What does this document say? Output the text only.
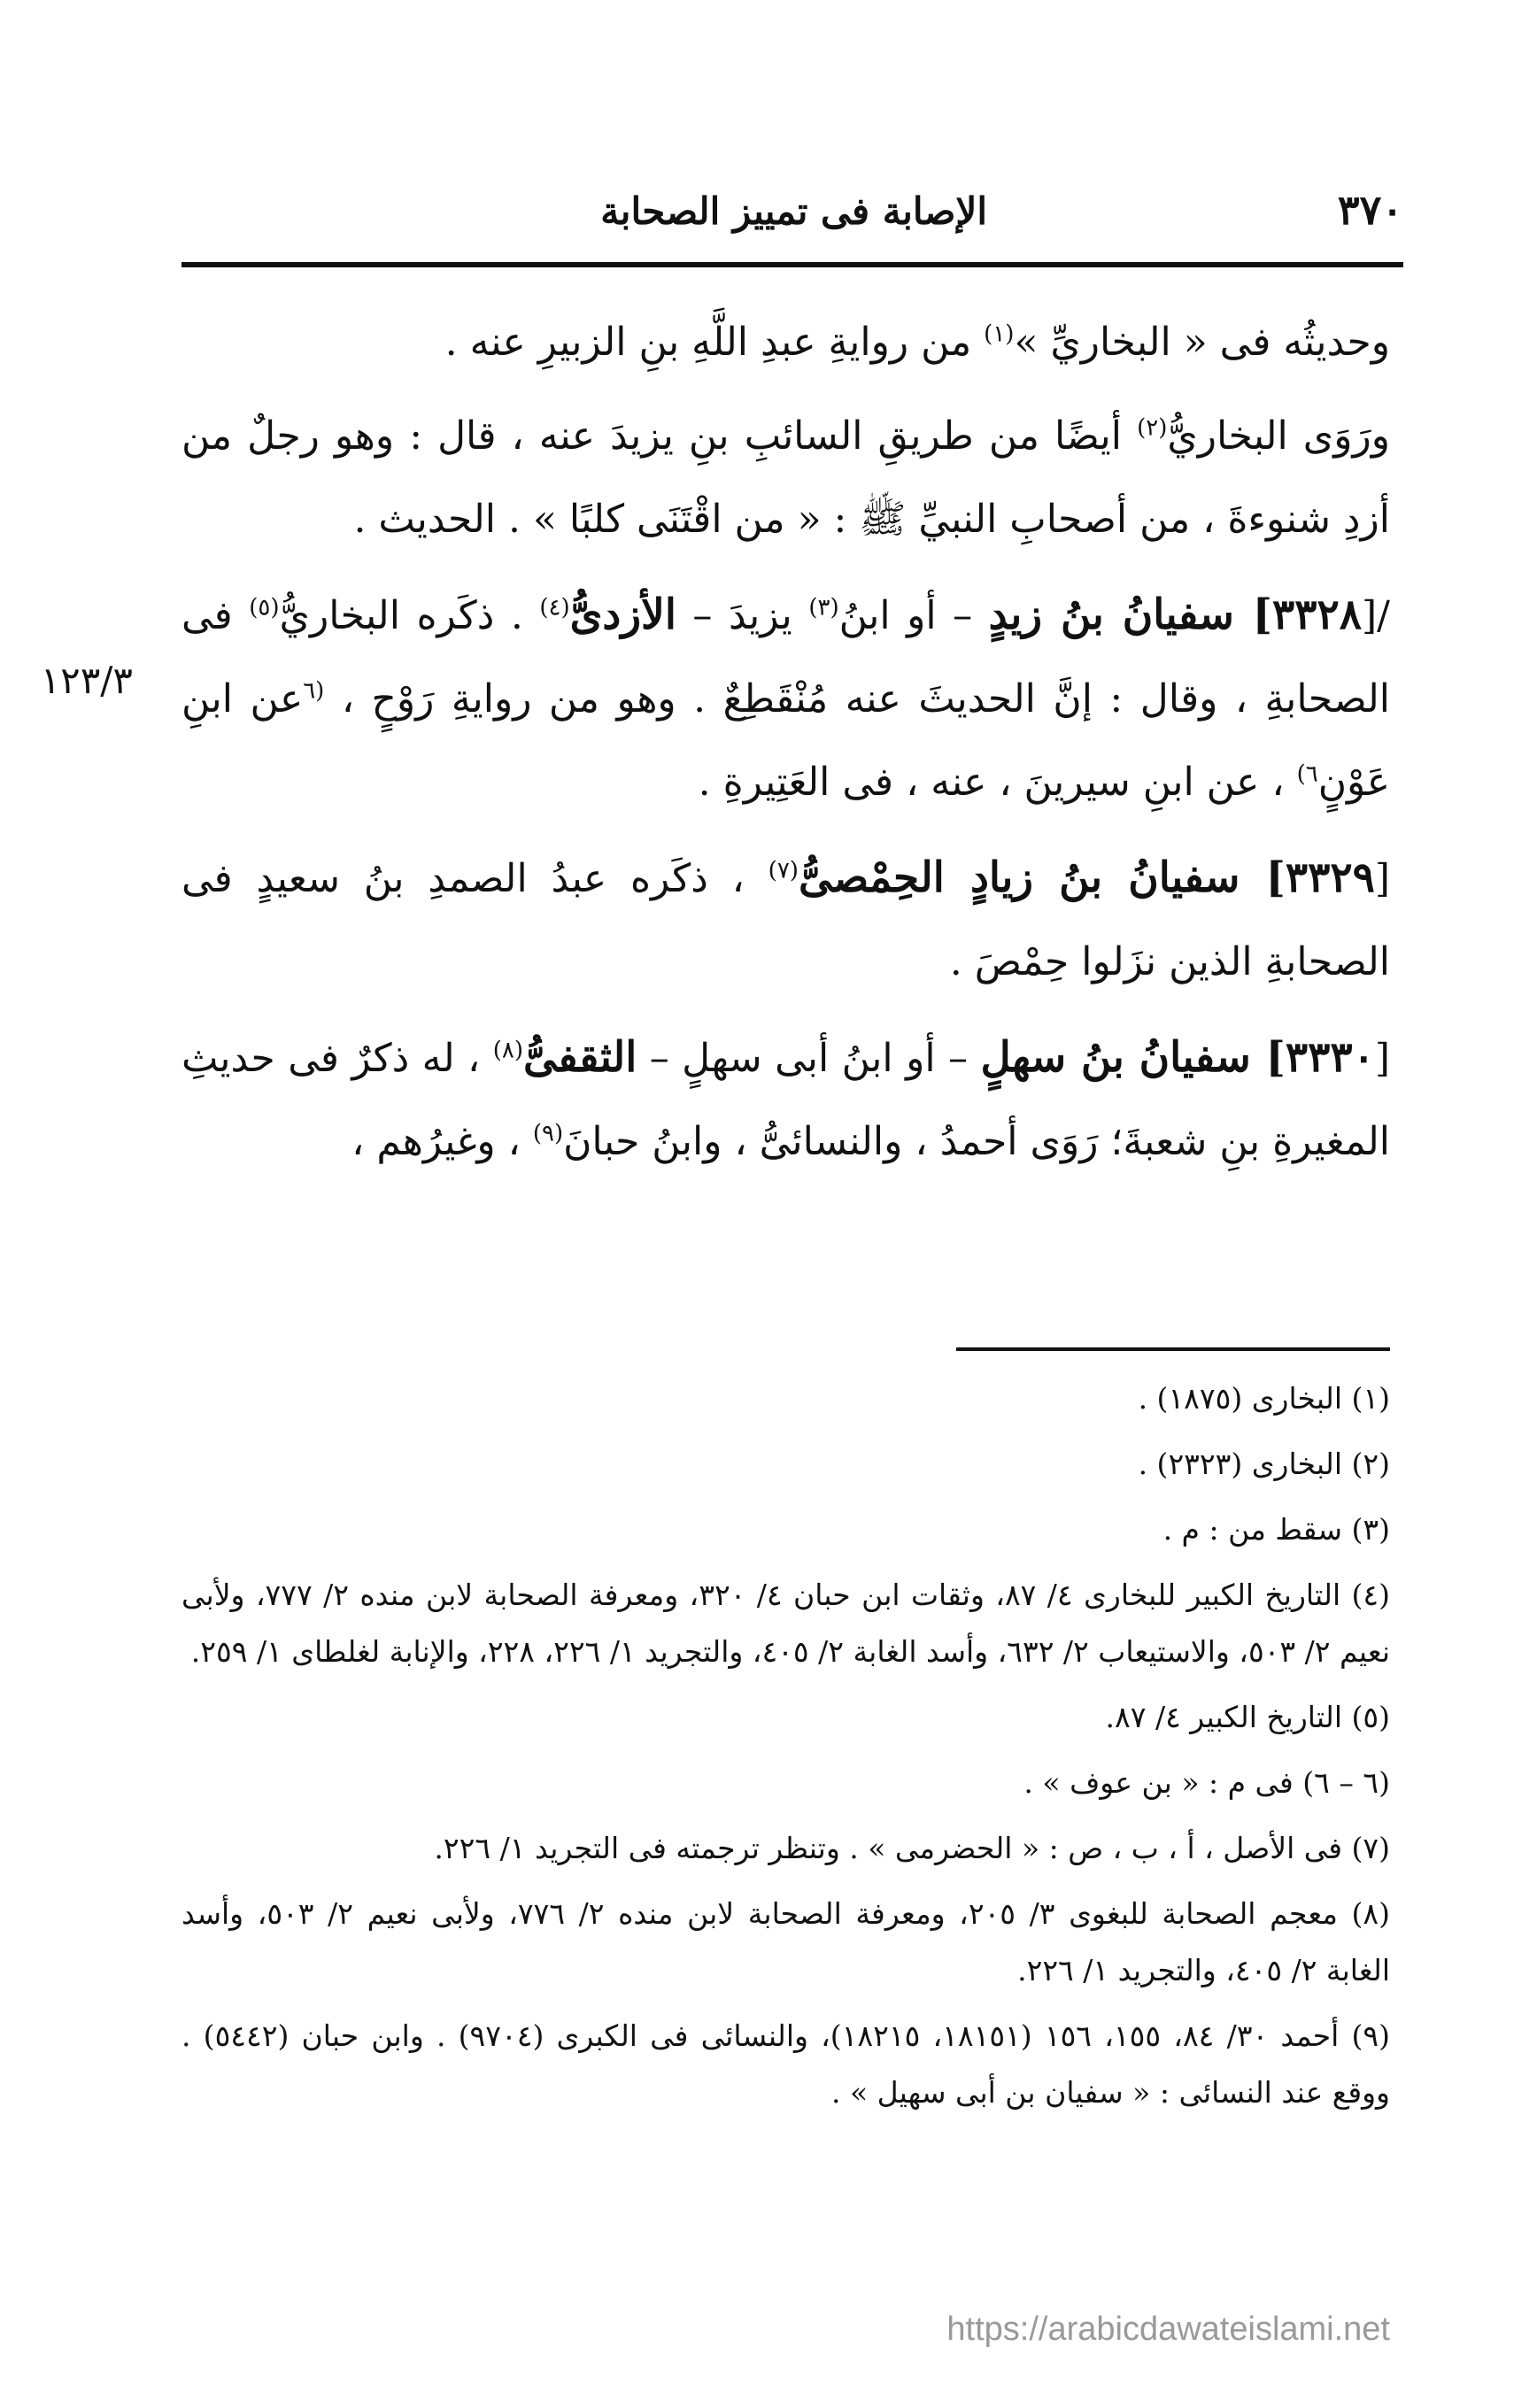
٣٧٠
الإصابة فى تمييز الصحابة
١٢٣/٣

وحديثُه فى « البخاريِّ »$^{(١)}$ من روايةِ عبدِ اللَّهِ بنِ الزبيرِ عنه .

ورَوَى البخاريُّ$^{(٢)}$ أيضًا من طريقِ السائبِ بنِ يزيدَ عنه ، قال : وهو رجلٌ من أزدِ شنوءةَ ، من أصحابِ النبيِّ ﷺ : « من اقْتَنَى كلبًا » . الحديث .

/[٣٣٢٨] سفيانُ بنُ زيدٍ – أو ابنُ$^{(٣)}$ يزيدَ – الأزدىُّ$^{(٤)}$ . ذكَره البخاريُّ$^{(٥)}$ فى الصحابةِ ، وقال : إنَّ الحديثَ عنه مُنْقَطِعٌ . وهو من روايةِ رَوْحٍ ، $^{(٦}$عن ابنِ عَوْنٍ$^{٦)}$ ، عن ابنِ سيرينَ ، عنه ، فى العَتِيرةِ .

[٣٣٢٩] سفيانُ بنُ زيادٍ الحِمْصىُّ$^{(٧)}$ ، ذكَره عبدُ الصمدِ بنُ سعيدٍ فى الصحابةِ الذين نزَلوا حِمْصَ .

[٣٣٣٠] سفيانُ بنُ سهلٍ – أو ابنُ أبى سهلٍ – الثقفىُّ$^{(٨)}$ ، له ذكرٌ فى حديثِ المغيرةِ بنِ شعبةَ؛ رَوَى أحمدُ ، والنسائىُّ ، وابنُ حبانَ$^{(٩)}$ ، وغيرُهم ،

(١) البخارى (١٨٧٥) .

(٢) البخارى (٢٣٢٣) .

(٣) سقط من : م .

(٤) التاريخ الكبير للبخارى ٤/ ٨٧، وثقات ابن حبان ٤/ ٣٢٠، ومعرفة الصحابة لابن منده ٢/ ٧٧٧، ولأبى نعيم ٢/ ٥٠٣، والاستيعاب ٢/ ٦٣٢، وأسد الغابة ٢/ ٤٠٥، والتجريد ١/ ٢٢٦، ٢٢٨، والإنابة لغلطاى ١/ ٢٥٩.

(٥) التاريخ الكبير ٤/ ٨٧.

(٦ – ٦) فى م : « بن عوف » .

(٧) فى الأصل ، أ ، ب ، ص : « الحضرمى » . وتنظر ترجمته فى التجريد ١/ ٢٢٦.

(٨) معجم الصحابة للبغوى ٣/ ٢٠٥، ومعرفة الصحابة لابن منده ٢/ ٧٧٦، ولأبى نعيم ٢/ ٥٠٣، وأسد الغابة ٢/ ٤٠٥، والتجريد ١/ ٢٢٦.

(٩) أحمد ٣٠/ ٨٤، ١٥٥، ١٥٦ (١٨١٥١، ١٨٢١٥)، والنسائى فى الكبرى (٩٧٠٤) . وابن حبان (٥٤٤٢) . ووقع عند النسائى : « سفيان بن أبى سهيل » .

https://arabicdawateislami.net
